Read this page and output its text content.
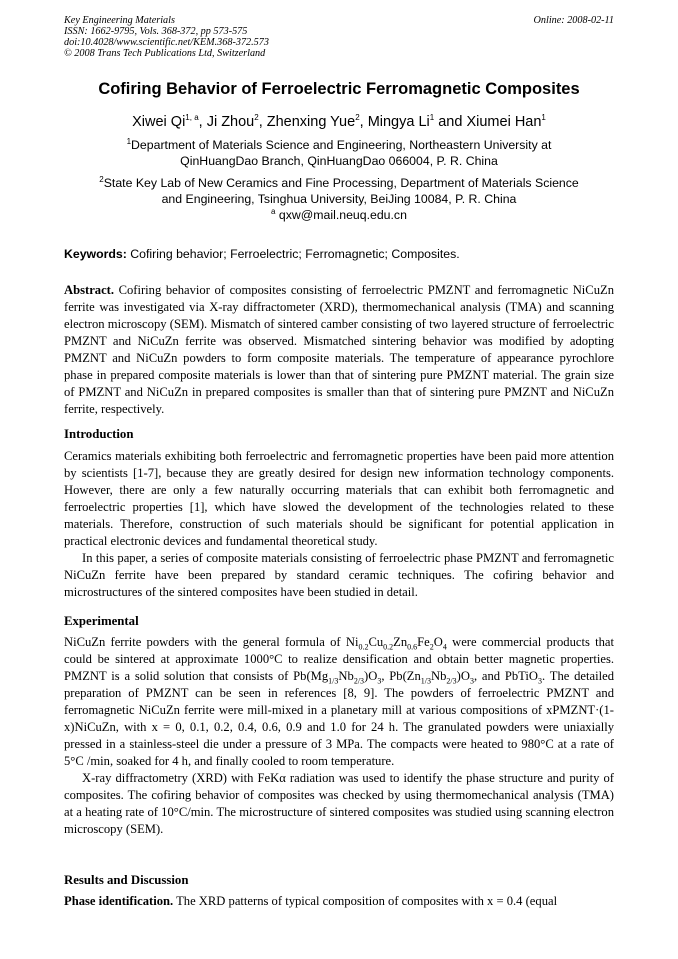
Key Engineering Materials
ISSN: 1662-9795, Vols. 368-372, pp 573-575
doi:10.4028/www.scientific.net/KEM.368-372.573
© 2008 Trans Tech Publications Ltd, Switzerland
Online: 2008-02-11
Cofiring Behavior of Ferroelectric Ferromagnetic Composites
Xiwei Qi$^{1, a}$, Ji Zhou$^2$, Zhenxing Yue$^2$, Mingya Li$^1$ and Xiumei Han$^1$
$^1$Department of Materials Science and Engineering, Northeastern University at QinHuangDao Branch, QinHuangDao 066004, P. R. China
$^2$State Key Lab of New Ceramics and Fine Processing, Department of Materials Science and Engineering, Tsinghua University, BeiJing 10084, P. R. China
$^a$ qxw@mail.neuq.edu.cn
Keywords: Cofiring behavior; Ferroelectric; Ferromagnetic; Composites.

Abstract. Cofiring behavior of composites consisting of ferroelectric PMZNT and ferromagnetic NiCuZn ferrite was investigated via X-ray diffractometer (XRD), thermomechanical analysis (TMA) and scanning electron microscopy (SEM). Mismatch of sintered camber consisting of two layered structure of ferroelectric PMZNT and NiCuZn ferrite was observed. Mismatched sintering behavior was modified by adopting PMZNT and NiCuZn powders to form composite materials. The temperature of appearance pyrochlore phase in prepared composite materials is lower than that of sintering pure PMZNT material. The grain size of PMZNT and NiCuZn in prepared composites is smaller than that of sintering pure PMZNT and NiCuZn ferrite, respectively.

Introduction

Ceramics materials exhibiting both ferroelectric and ferromagnetic properties have been paid more attention by scientists [1-7], because they are greatly desired for design new information technology components. However, there are only a few naturally occurring materials that can exhibit both ferromagnetic and ferroelectric properties [1], which have slowed the development of the technologies related to these materials. Therefore, construction of such materials should be significant for potential application in practical electronic devices and fundamental theoretical study.

In this paper, a series of composite materials consisting of ferroelectric phase PMZNT and ferromagnetic NiCuZn ferrite have been prepared by standard ceramic techniques. The cofiring behavior and microstructures of the sintered composites have been studied in detail.

Experimental

NiCuZn ferrite powders with the general formula of $Ni_{0.2}Cu_{0.2}Zn_{0.6}Fe_2O_4$ were commercial products that could be sintered at approximate 1000°C to realize densification and obtain better magnetic properties. PMZNT is a solid solution that consists of $Pb(Mg_{1/3}Nb_{2/3})O_3$, $Pb(Zn_{1/3}Nb_{2/3})O_3$, and PbTiO$_3$. The detailed preparation of PMZNT can be seen in references [8, 9]. The powders of ferroelectric PMZNT and ferromagnetic NiCuZn ferrite were mill-mixed in a planetary mill at various compositions of xPMZNT·(1-x)NiCuZn, with x = 0, 0.1, 0.2, 0.4, 0.6, 0.9 and 1.0 for 24 h. The granulated powders were uniaxially pressed in a stainless-steel die under a pressure of 3 MPa. The compacts were heated to 980°C at a rate of 5°C /min, soaked for 4 h, and finally cooled to room temperature.

X-ray diffractometry (XRD) with FeKα radiation was used to identify the phase structure and purity of composites. The cofiring behavior of composites was checked by using thermomechanical analysis (TMA) at a heating rate of 10°C/min. The microstructure of sintered composites was studied using scanning electron microscopy (SEM).

Results and Discussion

Phase identification. The XRD patterns of typical composition of composites with x = 0.4 (equal
